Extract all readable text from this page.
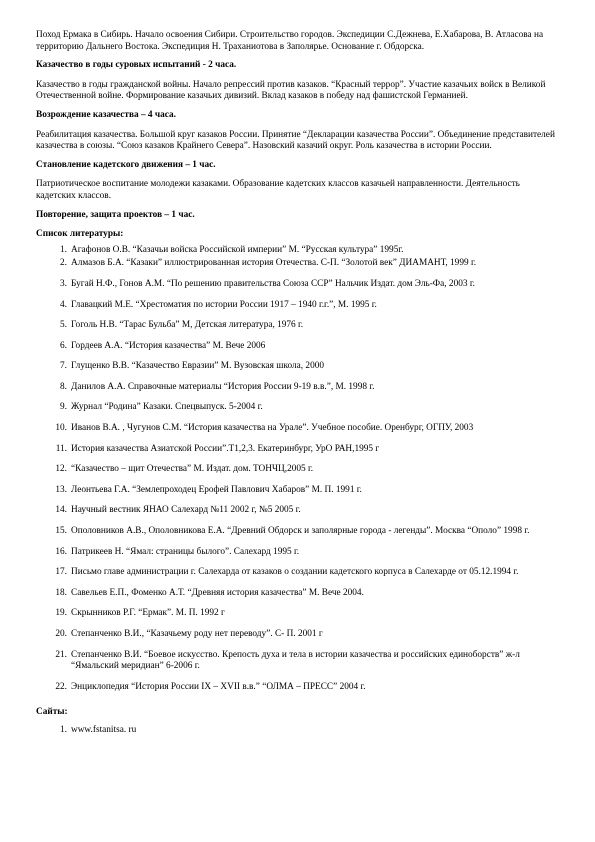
Поход Ермака в Сибирь. Начало освоения Сибири. Строительство городов. Экспедиции С.Дежнева, Е.Хабарова, В. Атласова на территорию Дальнего Востока. Экспедиция Н. Трахaниотова в Заполярье. Основание г. Обдорска.

Казачество в годы суровых испытаний - 2 часа.

Казачество в годы гражданской войны. Начало репрессий против казаков. “Красный террор”. Участие казачьих войск в Великой Отечественной войне. Формирование казачьих дивизий. Вклад казаков в победу над фашистской Германией.

Возрождение казачества – 4 часа.

Реабилитация казачества. Большой круг казаков России. Принятие “Декларации казачества России”. Объединение представителей казачества в союзы. “Союз казаков Крайнего Севера”. Назовский казачий округ. Роль казачества в истории России.

Становление кадетского движения – 1 час.

Патриотическое воспитание молодежи казаками. Образование кадетских классов казачьей направленности. Деятельность кадетских классов.

Повторение, защита проектов – 1 час.

Список литературы:

1. Агафонов О.В. “Казачьи войска Российской империи” М. “Русская культура” 1995г.
2. Алмазов Б.А. “Казаки” иллюстрированная история Отечества. С-П. “Золотой век” ДИАМАНТ, 1999 г.
3. Бугай Н.Ф., Гонов А.М. “По решению правительства Союза ССР” Нальчик Издат. дом Эль-Фа, 2003 г.
4. Главацкий М.Е. “Хрестоматия по истории России 1917 – 1940 г.г.”, М. 1995 г.
5. Гоголь Н.В. “Тарас Бульба” М, Детская литература, 1976 г.
6. Гордеев А.А. “История казачества” М. Вече 2006
7. Глущенко В.В. “Казачество Евразии” М. Вузовская школа, 2000
8. Данилов А.А. Справочные материалы “История России 9-19 в.в.”, М. 1998 г.
9. Журнал “Родина” Казаки. Спецвыпуск. 5-2004 г.
10. Иванов В.А. , Чугунов С.М. “История казачества на Урале”. Учебное пособие. Оренбург, ОГПУ, 2003
11. История казачества Азиатской России”.Т1,2,3. Екатеринбург, УрО РАН,1995 г
12. “Казачество – щит Отечества” М. Издат. дом. ТОНЧЦ,2005 г.
13. Леонтьева Г.А. “Землепроходец Ерофей Павлович Хабаров” М. П. 1991 г.
14. Научный вестник ЯНАО Салехард №11 2002 г, №5 2005 г.
15. Ополовников А.В., Ополовникова Е.А. “Древний Обдорск и заполярные города - легенды”. Москва “Ополо” 1998 г.
16. Патрикеев Н. “Ямал: страницы былого”. Салехард 1995 г.
17. Письмо главе администрации г. Салехарда от казаков о создании кадетского корпуса в Салехарде от 05.12.1994 г.
18. Савельев Е.П., Фоменко А.Т. “Древняя история казачества” М. Вече 2004.
19. Скрынников Р.Г. “Ермак”. М. П. 1992 г
20. Степанченко В.И., “Казачьему роду нет переводу”. С- П. 2001 г
21. Степанченко В.И. “Боевое искусство. Крепость духа и тела в истории казачества и российских единоборств” ж-л “Ямальский меридиан” 6-2006 г.
22. Энциклопедия “История России IX – XVII в.в.” “ОЛМА – ПРЕСС” 2004 г.

Сайты:

1. www.fstanitsa. ru
